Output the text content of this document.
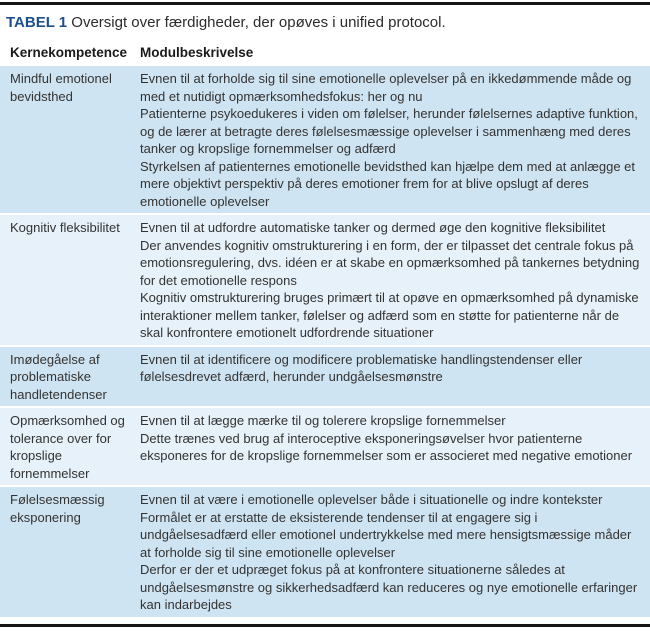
TABEL 1 Oversigt over færdigheder, der opøves i unified protocol.

Kernekompetence Modulbeskrivelse
Mindful emotionel bevidsthed
Evnen til at forholde sig til sine emotionelle oplevelser på en ikkedømmende måde og med et nutidigt opmærksomhedsfokus: her og nu
Patienterne psykoedukeres i viden om følelser, herunder følelsernes adaptive funktion, og de lærer at betragte deres følelsesmæssige oplevelser i sammenhæng med deres tanker og kropslige fornemmelser og adfærd
Styrkelsen af patienternes emotionelle bevidsthed kan hjælpe dem med at anlægge et mere objektivt perspektiv på deres emotioner frem for at blive opslugt af deres emotionelle oplevelser
Kognitiv fleksibilitet	Evnen til at udfordre automatiske tanker og dermed øge den kognitive fleksibilitet
Der anvendes kognitiv omstrukturering i en form, der er tilpasset det centrale fokus på emotionsregulering, dvs. idéen er at skabe en opmærksomhed på tankernes betydning for det emotionelle respons
Kognitiv omstrukturering bruges primært til at opøve en opmærksomhed på dynamiske interaktioner mellem tanker, følelser og adfærd som en støtte for patienterne når de skal konfrontere emotionelt udfordrende situationer
Imødegåelse af problematiske handletendenser
Evnen til at identificere og modificere problematiske handlingstendenser eller følelsesdrevet adfærd, herunder undgåelsesmønstre
Opmærksomhed og tolerance over for kropslige fornemmelser
Evnen til at lægge mærke til og tolerere kropslige fornemmelser
Dette trænes ved brug af interoceptive eksponeringsøvelser hvor patienterne eksponeres for de kropslige fornemmelser som er associeret med negative emotioner
Følelsesmæssig eksponering
Evnen til at være i emotionelle oplevelser både i situationelle og indre kontekster
Formålet er at erstatte de eksisterende tendenser til at engagere sig i undgåelsesadfærd eller emotionel undertrykkelse med mere hensigtsmæssige måder at forholde sig til sine emotionelle oplevelser
Derfor er der et udpræget fokus på at konfrontere situationerne således at undgåelsesmønstre og sikkerhedsadfærd kan reduceres og nye emotionelle erfaringer kan indarbejdes
